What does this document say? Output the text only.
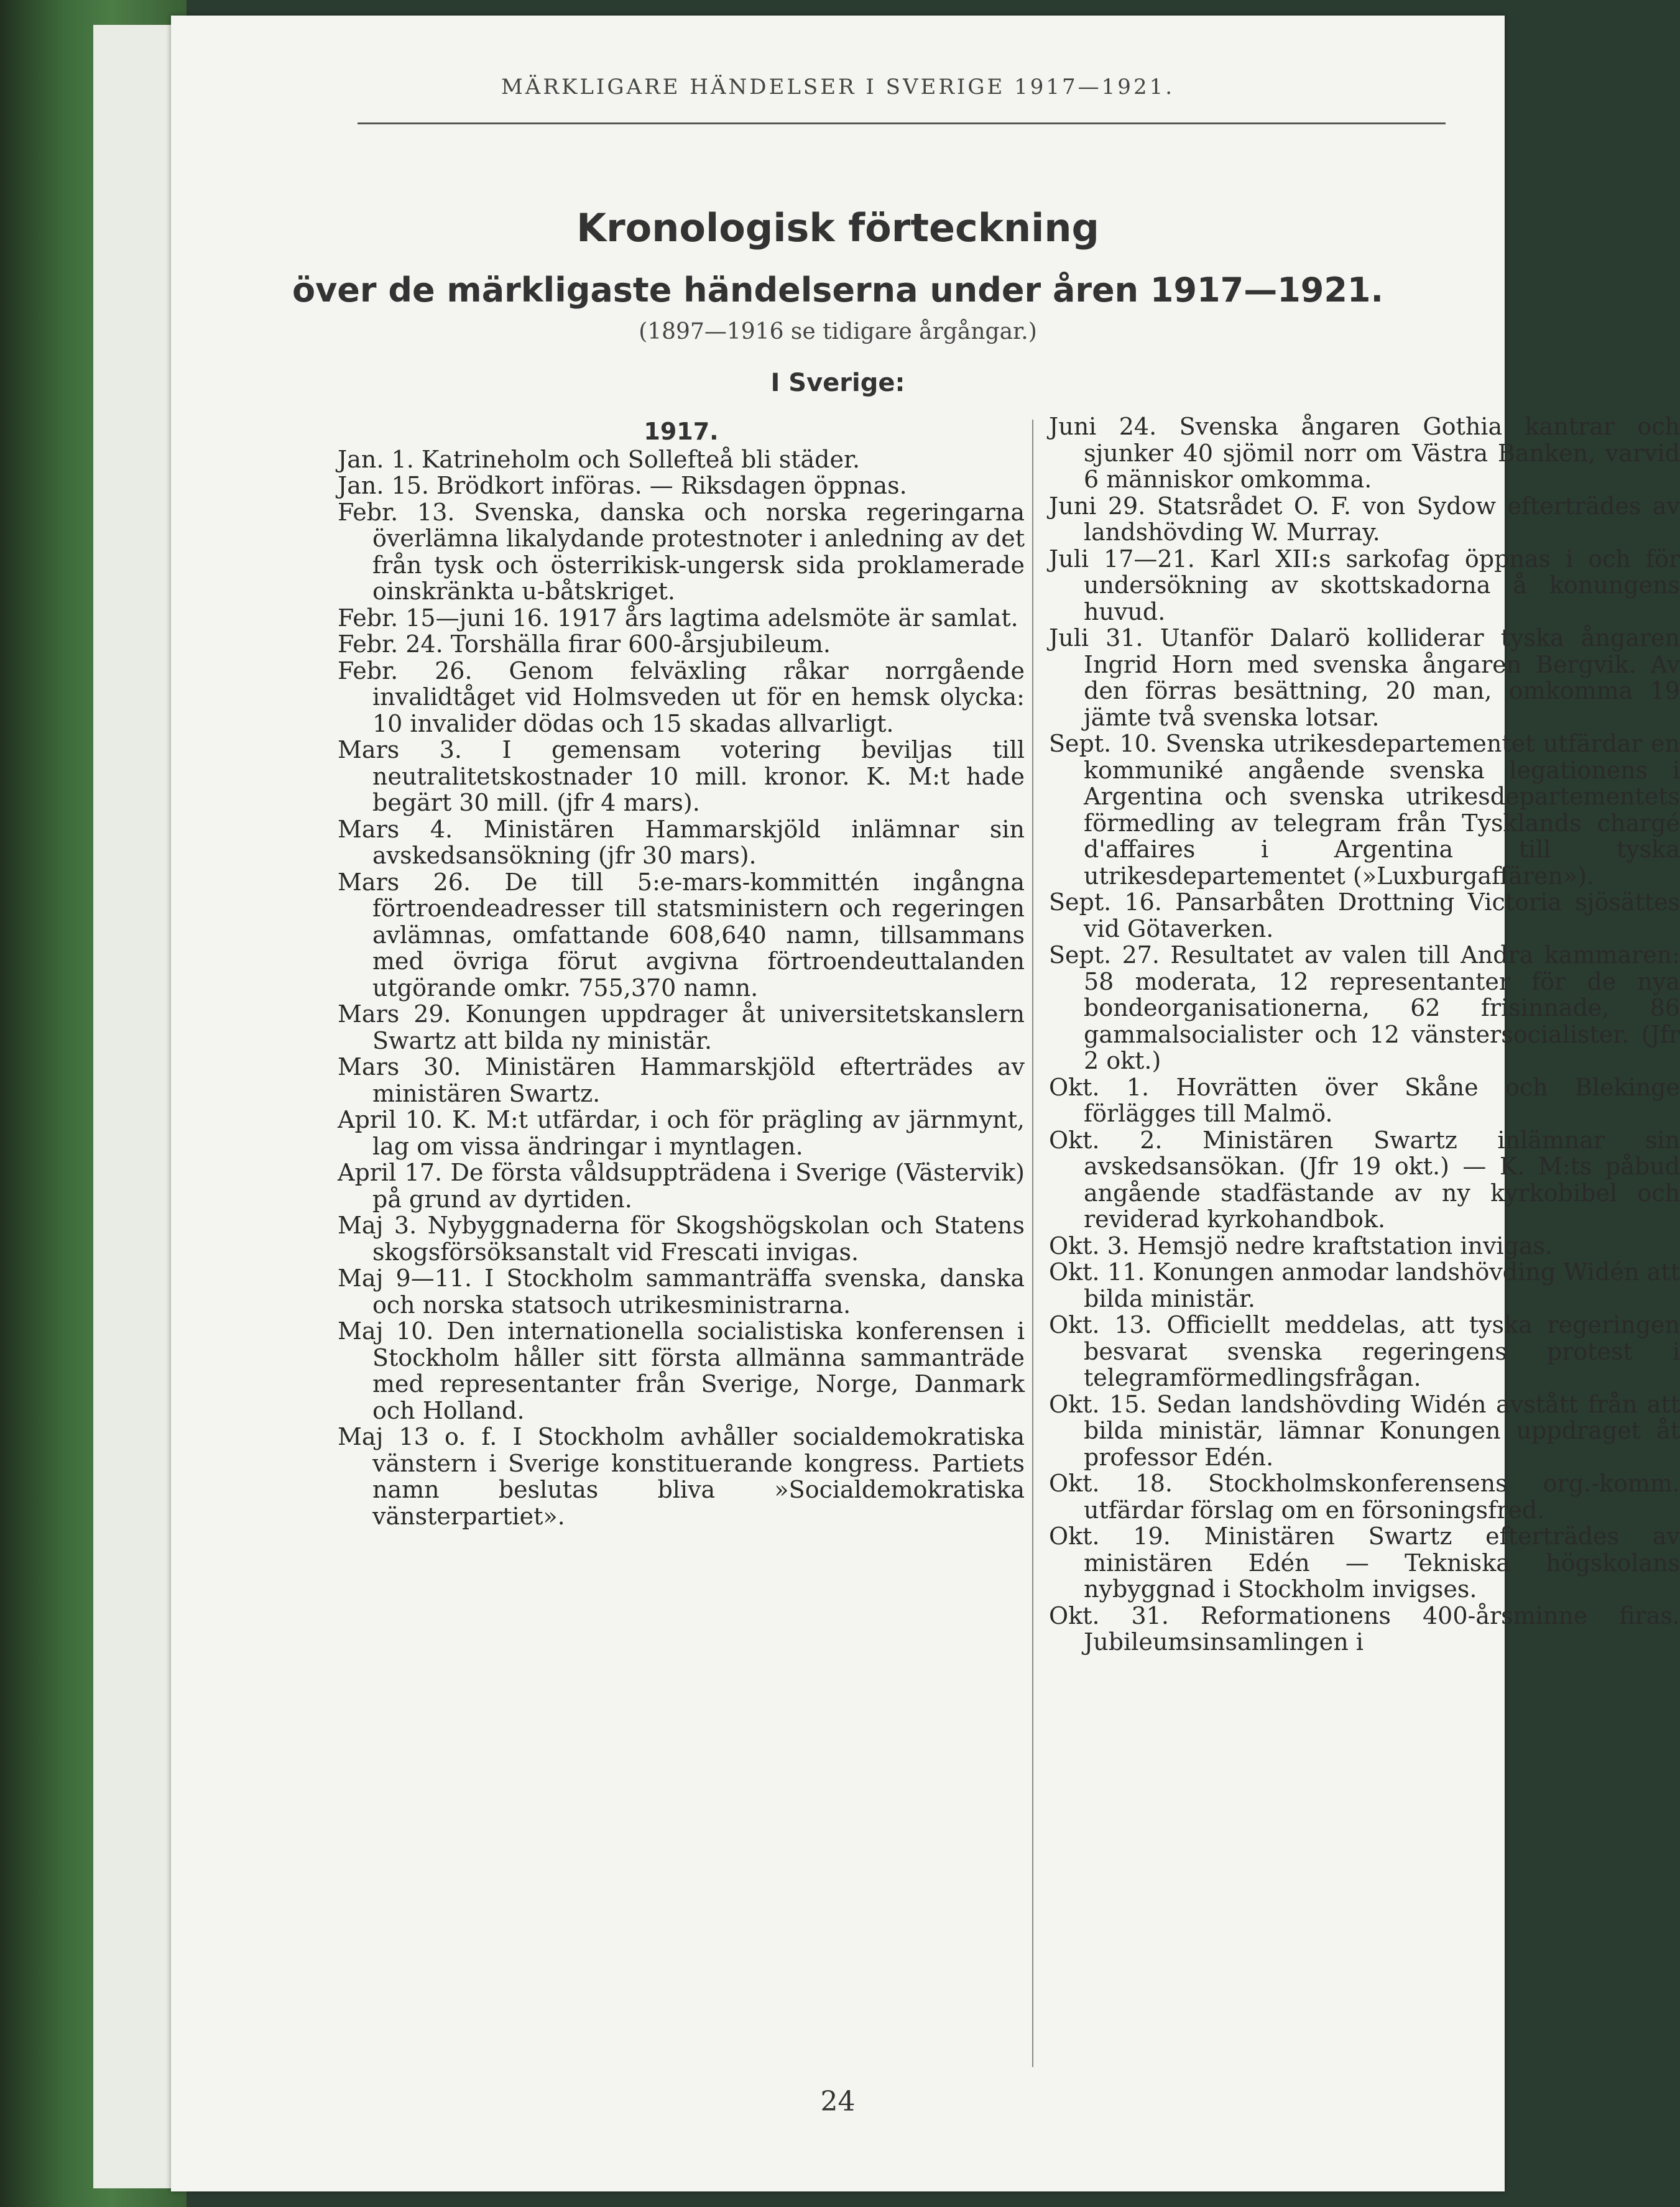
MÄRKLIGARE HÄNDELSER I SVERIGE 1917—1921.
Kronologisk förteckning
över de märkligaste händelserna under åren 1917—1921.
(1897—1916 se tidigare årgångar.)
I Sverige:
1917.

Jan. 1. Katrineholm och Sollefteå bli städer.

Jan. 15. Brödkort införas. — Riksdagen öppnas.

Febr. 13. Svenska, danska och norska regeringarna överlämna likalydande protestnoter i anledning av det från tysk och österrikisk-ungersk sida proklamerade oinskränkta u-båtskriget.

Febr. 15—juni 16. 1917 års lagtima adelsmöte är samlat.

Febr. 24. Torshälla firar 600-årsjubileum.

Febr. 26. Genom felväxling råkar norrgående invalidtåget vid Holmsveden ut för en hemsk olycka: 10 invalider dödas och 15 skadas allvarligt.

Mars 3. I gemensam votering beviljas till neutralitetskostnader 10 mill. kronor. K. M:t hade begärt 30 mill. (jfr 4 mars).

Mars 4. Ministären Hammarskjöld inlämnar sin avskedsansökning (jfr 30 mars).

Mars 26. De till 5:e-mars-kommittén ingångna förtroendeadresser till statsministern och regeringen avlämnas, omfattande 608,640 namn, tillsammans med övriga förut avgivna förtroendeuttalanden utgörande omkr. 755,370 namn.

Mars 29. Konungen uppdrager åt universitetskanslern Swartz att bilda ny ministär.

Mars 30. Ministären Hammarskjöld efterträdes av ministären Swartz.

April 10. K. M:t utfärdar, i och för prägling av järnmynt, lag om vissa ändringar i myntlagen.

April 17. De första våldsuppträdena i Sverige (Västervik) på grund av dyrtiden.

Maj 3. Nybyggnaderna för Skogshögskolan och Statens skogsförsöksanstalt vid Frescati invigas.

Maj 9—11. I Stockholm sammanträffa svenska, danska och norska statsoch utrikesministrarna.

Maj 10. Den internationella socialistiska konferensen i Stockholm håller sitt första allmänna sammanträde med representanter från Sverige, Norge, Danmark och Holland.

Maj 13 o. f. I Stockholm avhåller socialdemokratiska vänstern i Sverige konstituerande kongress. Partiets namn beslutas bliva »Socialdemokratiska vänsterpartiet».

Juni 24. Svenska ångaren Gothia kantrar och sjunker 40 sjömil norr om Västra Banken, varvid 6 människor omkomma.

Juni 29. Statsrådet O. F. von Sydow efterträdes av landshövding W. Murray.

Juli 17—21. Karl XII:s sarkofag öppnas i och för undersökning av skottskadorna å konungens huvud.

Juli 31. Utanför Dalarö kolliderar tyska ångaren Ingrid Horn med svenska ångaren Bergvik. Av den förras besättning, 20 man, omkomma 19 jämte två svenska lotsar.

Sept. 10. Svenska utrikesdepartementet utfärdar en kommuniké angående svenska legationens i Argentina och svenska utrikesdepartementets förmedling av telegram från Tysklands chargé d'affaires i Argentina till tyska utrikesdepartementet (»Luxburgaffären»).

Sept. 16. Pansarbåten Drottning Victoria sjösättes vid Götaverken.

Sept. 27. Resultatet av valen till Andra kammaren: 58 moderata, 12 representanter för de nya bondeorganisationerna, 62 frisinnade, 86 gammalsocialister och 12 vänstersocialister. (Jfr 2 okt.)

Okt. 1. Hovrätten över Skåne och Blekinge förlägges till Malmö.

Okt. 2. Ministären Swartz inlämnar sin avskedsansökan. (Jfr 19 okt.) — K. M:ts påbud angående stadfästande av ny kyrkobibel och reviderad kyrkohandbok.

Okt. 3. Hemsjö nedre kraftstation invigas.

Okt. 11. Konungen anmodar landshövding Widén att bilda ministär.

Okt. 13. Officiellt meddelas, att tyska regeringen besvarat svenska regeringens protest i telegramförmedlingsfrågan.

Okt. 15. Sedan landshövding Widén avstått från att bilda ministär, lämnar Konungen uppdraget åt professor Edén.

Okt. 18. Stockholmskonferensens org.-komm. utfärdar förslag om en försoningsfred.

Okt. 19. Ministären Swartz efterträdes av ministären Edén — Tekniska högskolans nybyggnad i Stockholm invigses.

Okt. 31. Reformationens 400-årsminne firas. Jubileumsinsamlingen i

24
